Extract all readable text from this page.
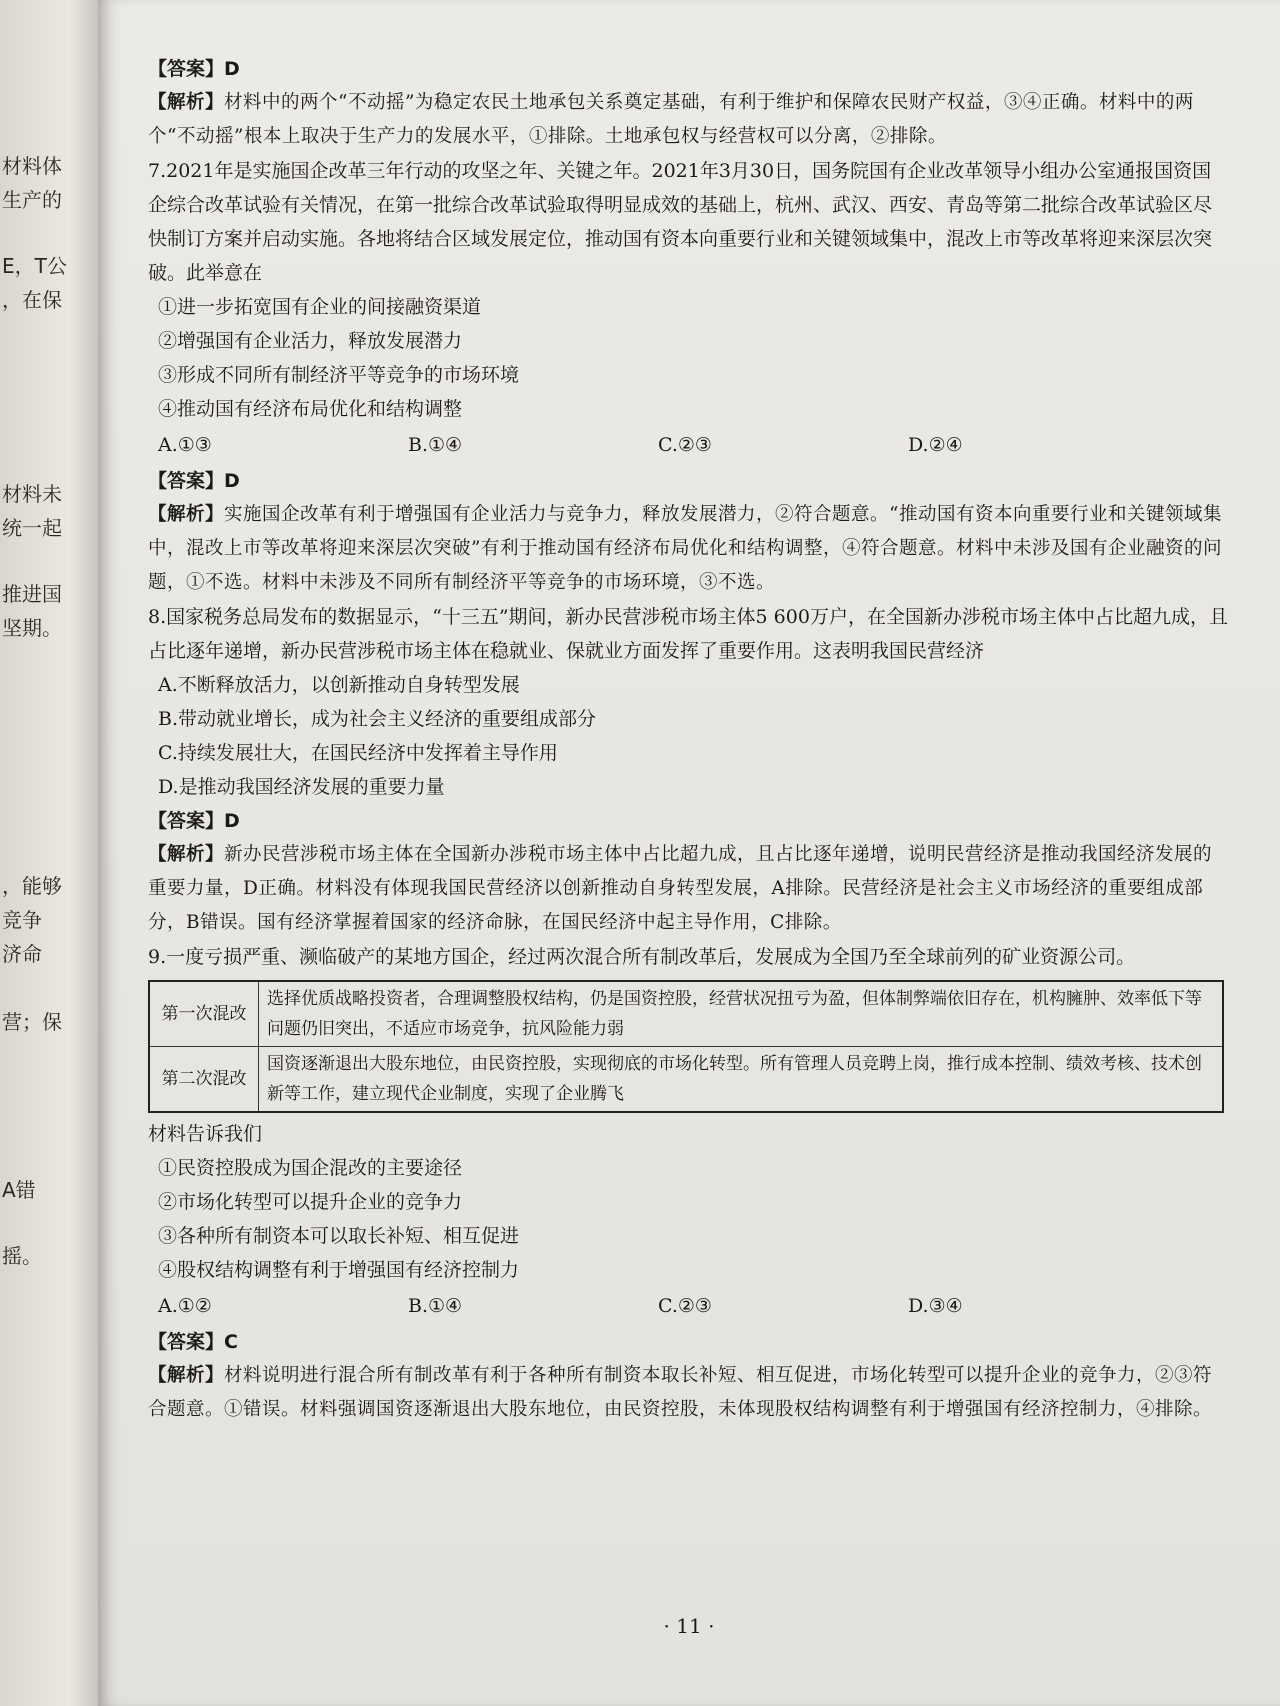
材料体
生产的
E，T公
，在保
材料未
统一起
推进国
坚期。
，能够
竞争
济命
营；保
A错
摇。

【答案】D

【解析】材料中的两个“不动摇”为稳定农民土地承包关系奠定基础，有利于维护和保障农民财产权益，③④正确。材料中的两个“不动摇”根本上取决于生产力的发展水平，①排除。土地承包权与经营权可以分离，②排除。

7.2021年是实施国企改革三年行动的攻坚之年、关键之年。2021年3月30日，国务院国有企业改革领导小组办公室通报国资国企综合改革试验有关情况，在第一批综合改革试验取得明显成效的基础上，杭州、武汉、西安、青岛等第二批综合改革试验区尽快制订方案并启动实施。各地将结合区域发展定位，推动国有资本向重要行业和关键领域集中，混改上市等改革将迎来深层次突破。此举意在

①进一步拓宽国有企业的间接融资渠道

②增强国有企业活力，释放发展潜力

③形成不同所有制经济平等竞争的市场环境

④推动国有经济布局优化和结构调整

A.①③	B.①④	C.②③	D.②④

【答案】D

【解析】实施国企改革有利于增强国有企业活力与竞争力，释放发展潜力，②符合题意。“推动国有资本向重要行业和关键领域集中，混改上市等改革将迎来深层次突破”有利于推动国有经济布局优化和结构调整，④符合题意。材料中未涉及国有企业融资的问题，①不选。材料中未涉及不同所有制经济平等竞争的市场环境，③不选。

8.国家税务总局发布的数据显示，“十三五”期间，新办民营涉税市场主体5 600万户，在全国新办涉税市场主体中占比超九成，且占比逐年递增，新办民营涉税市场主体在稳就业、保就业方面发挥了重要作用。这表明我国民营经济

A.不断释放活力，以创新推动自身转型发展

B.带动就业增长，成为社会主义经济的重要组成部分

C.持续发展壮大，在国民经济中发挥着主导作用

D.是推动我国经济发展的重要力量

【答案】D

【解析】新办民营涉税市场主体在全国新办涉税市场主体中占比超九成，且占比逐年递增，说明民营经济是推动我国经济发展的重要力量，D正确。材料没有体现我国民营经济以创新推动自身转型发展，A排除。民营经济是社会主义市场经济的重要组成部分，B错误。国有经济掌握着国家的经济命脉，在国民经济中起主导作用，C排除。

9.一度亏损严重、濒临破产的某地方国企，经过两次混合所有制改革后，发展成为全国乃至全球前列的矿业资源公司。

第一次混改	选择优质战略投资者，合理调整股权结构，仍是国资控股，经营状况扭亏为盈，但体制弊端依旧存在，机构臃肿、效率低下等问题仍旧突出，不适应市场竞争，抗风险能力弱
第二次混改	国资逐渐退出大股东地位，由民资控股，实现彻底的市场化转型。所有管理人员竞聘上岗，推行成本控制、绩效考核、技术创新等工作，建立现代企业制度，实现了企业腾飞

材料告诉我们

①民资控股成为国企混改的主要途径

②市场化转型可以提升企业的竞争力

③各种所有制资本可以取长补短、相互促进

④股权结构调整有利于增强国有经济控制力

A.①②	B.①④	C.②③	D.③④

【答案】C

【解析】材料说明进行混合所有制改革有利于各种所有制资本取长补短、相互促进，市场化转型可以提升企业的竞争力，②③符合题意。①错误。材料强调国资逐渐退出大股东地位，由民资控股，未体现股权结构调整有利于增强国有经济控制力，④排除。

· 11 ·
